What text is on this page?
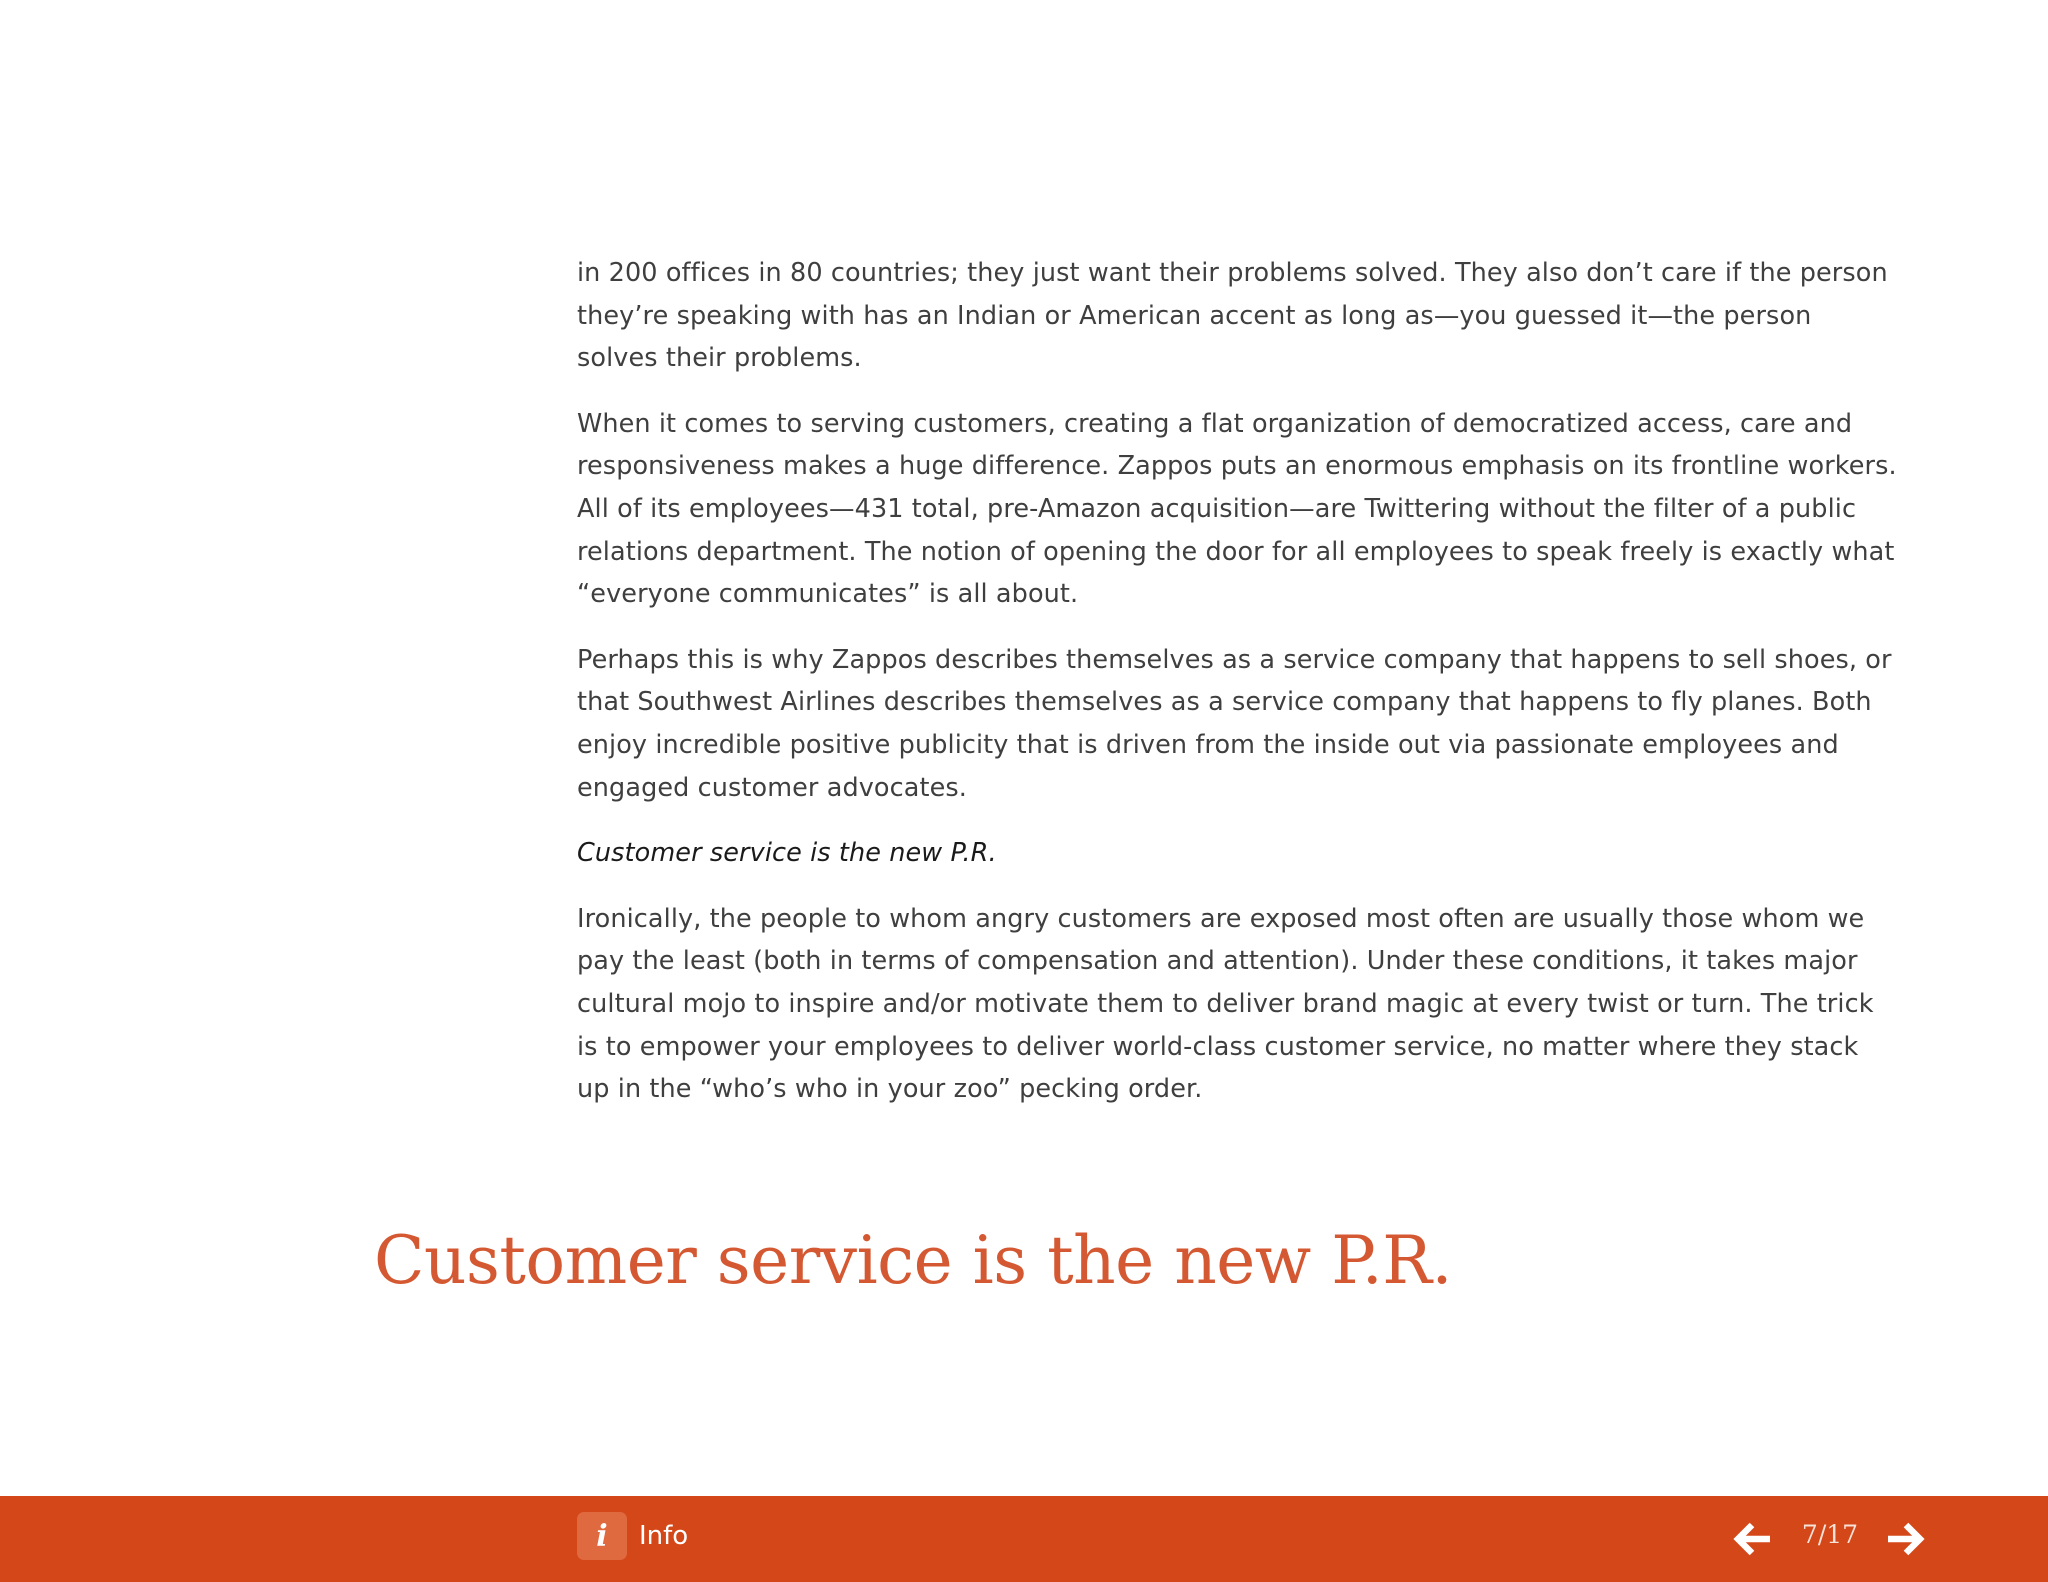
in 200 offices in 80 countries; they just want their problems solved. They also don’t care if the person they’re speaking with has an Indian or American accent as long as—you guessed it—the person solves their problems.

When it comes to serving customers, creating a flat organization of democratized access, care and responsiveness makes a huge difference. Zappos puts an enormous emphasis on its frontline workers. All of its employees—431 total, pre-Amazon acquisition—are Twittering without the filter of a public relations department. The notion of opening the door for all employees to speak freely is exactly what “everyone communicates” is all about.

Perhaps this is why Zappos describes themselves as a service company that happens to sell shoes, or that Southwest Airlines describes themselves as a service company that happens to fly planes. Both enjoy incredible positive publicity that is driven from the inside out via passionate employees and engaged customer advocates.

Customer service is the new P.R.

Ironically, the people to whom angry customers are exposed most often are usually those whom we pay the least (both in terms of compensation and attention). Under these conditions, it takes major cultural mojo to inspire and/or motivate them to deliver brand magic at every twist or turn. The trick is to empower your employees to deliver world-class customer service, no matter where they stack up in the “who’s who in your zoo” pecking order.

Customer service is the new P.R.
i	Info	7/17
